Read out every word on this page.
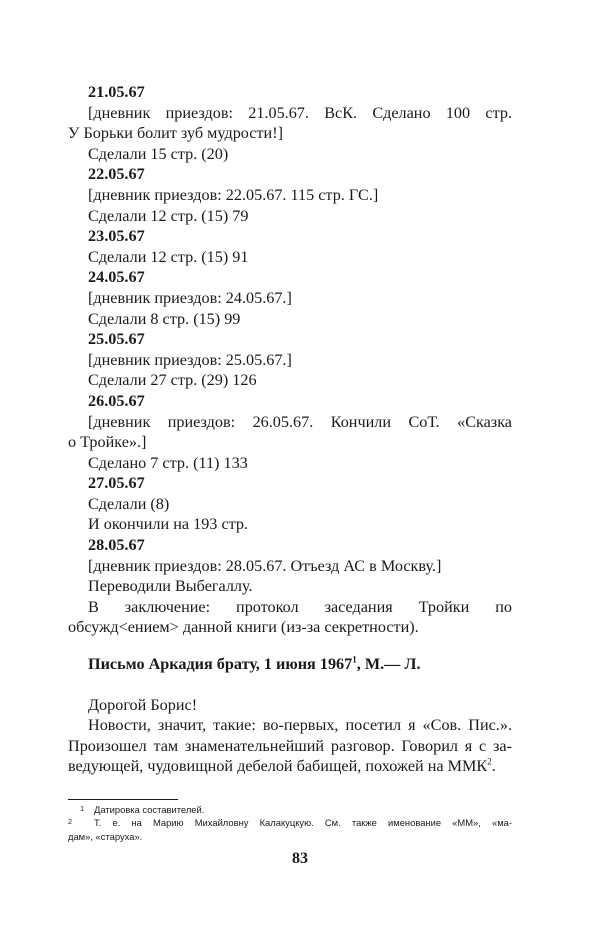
21.05.67
[дневник приездов: 21.05.67. ВсК. Сделано 100 стр.
У Борьки болит зуб мудрости!]
Сделали 15 стр. (20)
22.05.67
[дневник приездов: 22.05.67. 115 стр. ГС.]
Сделали 12 стр. (15) 79
23.05.67
Сделали 12 стр. (15) 91
24.05.67
[дневник приездов: 24.05.67.]
Сделали 8 стр. (15) 99
25.05.67
[дневник приездов: 25.05.67.]
Сделали 27 стр. (29) 126
26.05.67
[дневник приездов: 26.05.67. Кончили СоТ. «Сказка
о Тройке».]
Сделано 7 стр. (11) 133
27.05.67
Сделали (8)
И окончили на 193 стр.
28.05.67
[дневник приездов: 28.05.67. Отъезд АС в Москву.]
Переводили Выбегаллу.
В заключение: протокол заседания Тройки по
обсужд<ением> данной книги (из-за секретности).
Письмо Аркадия брату, 1 июня 1967$^1$, М.— Л.
Дорогой Борис!
Новости, значит, такие: во-первых, посетил я «Сов. Пис.».
Произошел там знаменательнейший разговор. Говорил я с за-
ведующей, чудовищной дебелой бабищей, похожей на ММК$^2$.
1 Датировка составителей.
2 Т. е. на Марию Михайловну Калакуцкую. См. также именование «ММ», «ма-
дам», «старуха».
83
